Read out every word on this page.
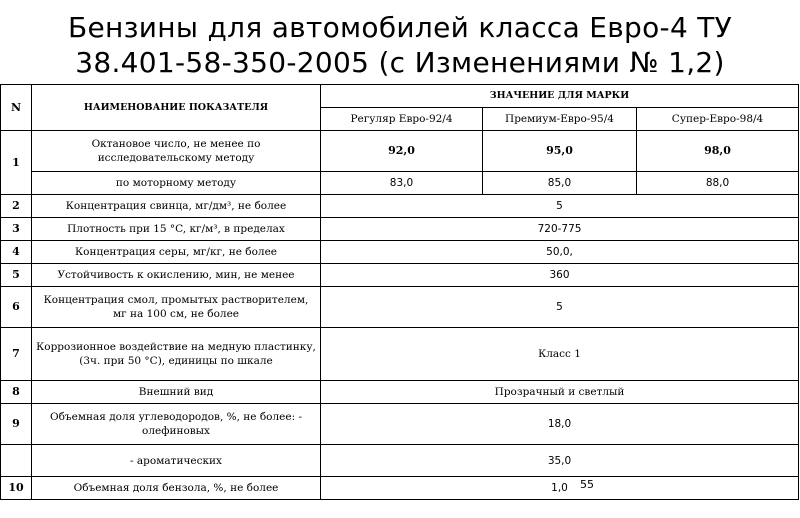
Бензины для автомобилей класса Евро-4 ТУ
38.401-58-350-2005 (с Изменениями № 1,2)
N	НАИМЕНОВАНИЕ ПОКАЗАТЕЛЯ	ЗНАЧЕНИЕ ДЛЯ МАРКИ		
		Регуляр Евро-92/4	Премиум-Евро-95/4	Супер-Евро-98/4
1	Октановое число, не менее по исследовательскому методу	92,0	95,0	98,0
	по моторному методу	83,0	85,0	88,0
2	Концентрация свинца, мг/дм³, не более	5		
3	Плотность при 15 °C, кг/м³, в пределах	720-775		
4	Концентрация серы, мг/кг, не более	50,0,		
5	Устойчивость к окислению, мин, не менее	360		
6	Концентрация смол, промытых растворителем, мг на 100 см, не более	5		
7	Коррозионное воздействие на медную пластинку, (3ч. при 50 °C), единицы по шкале	Класс 1		
8	Внешний вид	Прозрачный и светлый		
9	Объемная доля углеводородов, %, не более: - олефиновых	18,0		
	- ароматических	35,0		
10	Объемная доля бензола, %, не более	1,0		55
